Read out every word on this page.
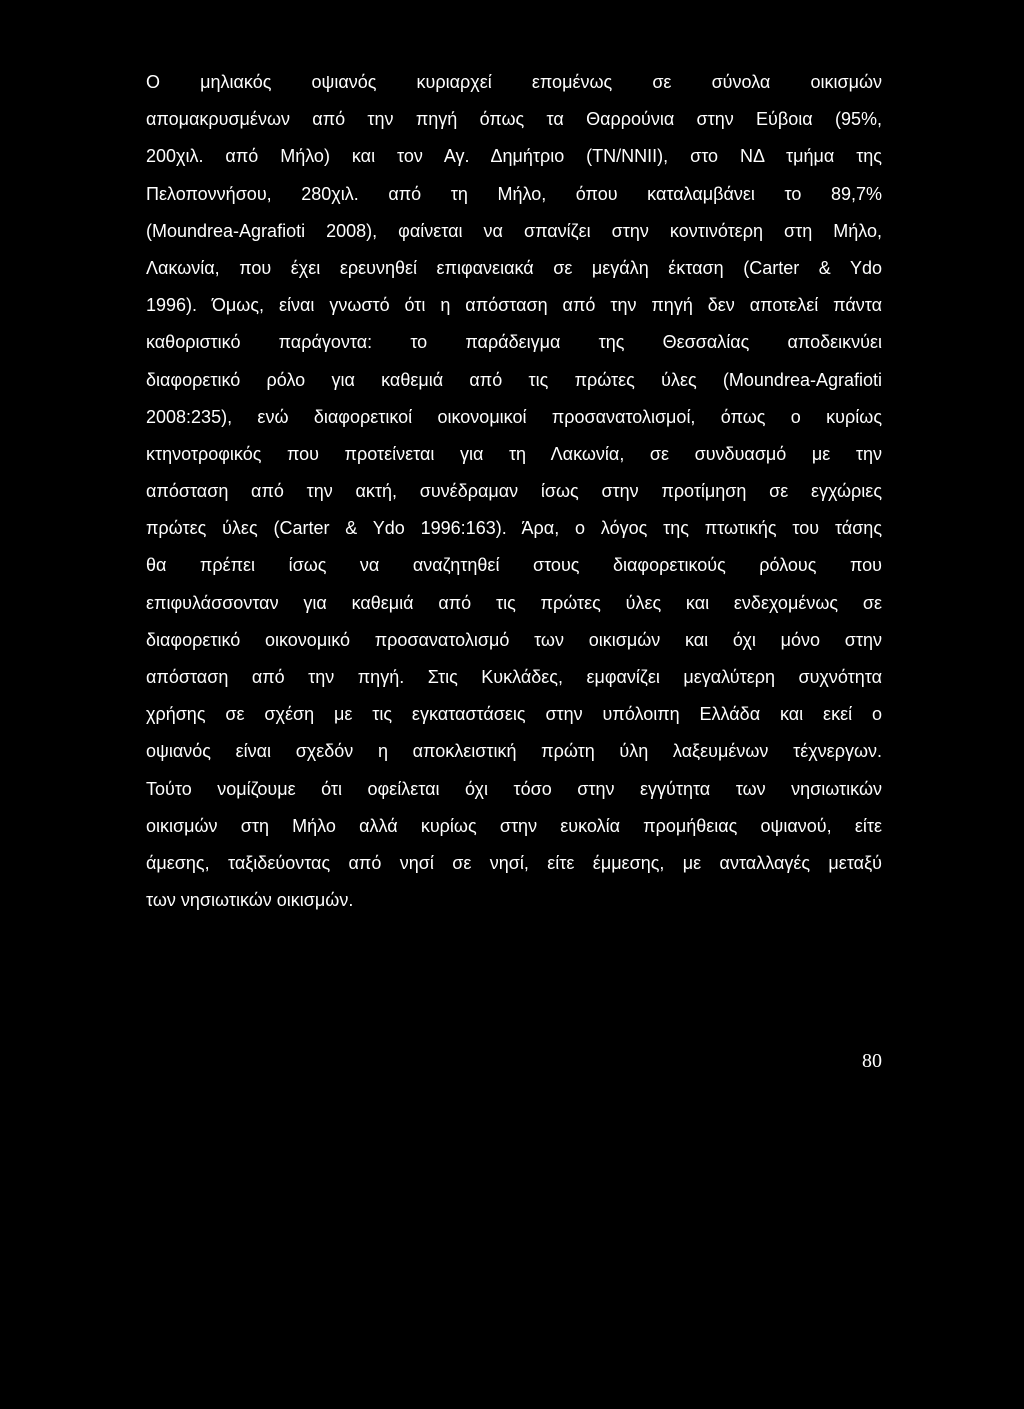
Ο μηλιακός οψιανός κυριαρχεί επομένως σε σύνολα οικισμών
απομακρυσμένων από την πηγή όπως τα Θαρρούνια στην Εύβοια (95%,
200χιλ. από Μήλο) και τον Αγ. Δημήτριο (ΤΝ/ΝΝΙΙ), στο ΝΔ τμήμα της
Πελοποννήσου, 280χιλ. από τη Μήλο, όπου καταλαμβάνει το 89,7%
(Moundrea-Agrafioti 2008), φαίνεται να σπανίζει στην κοντινότερη στη Μήλο,
Λακωνία, που έχει ερευνηθεί επιφανειακά σε μεγάλη έκταση (Carter & Ydo
1996). Όμως, είναι γνωστό ότι η απόσταση από την πηγή δεν αποτελεί πάντα
καθοριστικό παράγοντα: το παράδειγμα της Θεσσαλίας αποδεικνύει
διαφορετικό ρόλο για καθεμιά από τις πρώτες ύλες (Moundrea-Agrafioti
2008:235), ενώ διαφορετικοί οικονομικοί προσανατολισμοί, όπως ο κυρίως
κτηνοτροφικός που προτείνεται για τη Λακωνία, σε συνδυασμό με την
απόσταση από την ακτή, συνέδραμαν ίσως στην προτίμηση σε εγχώριες
πρώτες ύλες (Carter & Ydo 1996:163). Άρα, ο λόγος της πτωτικής του τάσης
θα πρέπει ίσως να αναζητηθεί στους διαφορετικούς ρόλους που
επιφυλάσσονταν για καθεμιά από τις πρώτες ύλες και ενδεχομένως σε
διαφορετικό οικονομικό προσανατολισμό των οικισμών και όχι μόνο στην
απόσταση από την πηγή. Στις Κυκλάδες, εμφανίζει μεγαλύτερη συχνότητα
χρήσης σε σχέση με τις εγκαταστάσεις στην υπόλοιπη Ελλάδα και εκεί ο
οψιανός είναι σχεδόν η αποκλειστική πρώτη ύλη λαξευμένων τέχνεργων.
Τούτο νομίζουμε ότι οφείλεται όχι τόσο στην εγγύτητα των νησιωτικών
οικισμών στη Μήλο αλλά κυρίως στην ευκολία προμήθειας οψιανού, είτε
άμεσης, ταξιδεύοντας από νησί σε νησί, είτε έμμεσης, με ανταλλαγές μεταξύ
των νησιωτικών οικισμών.

80
